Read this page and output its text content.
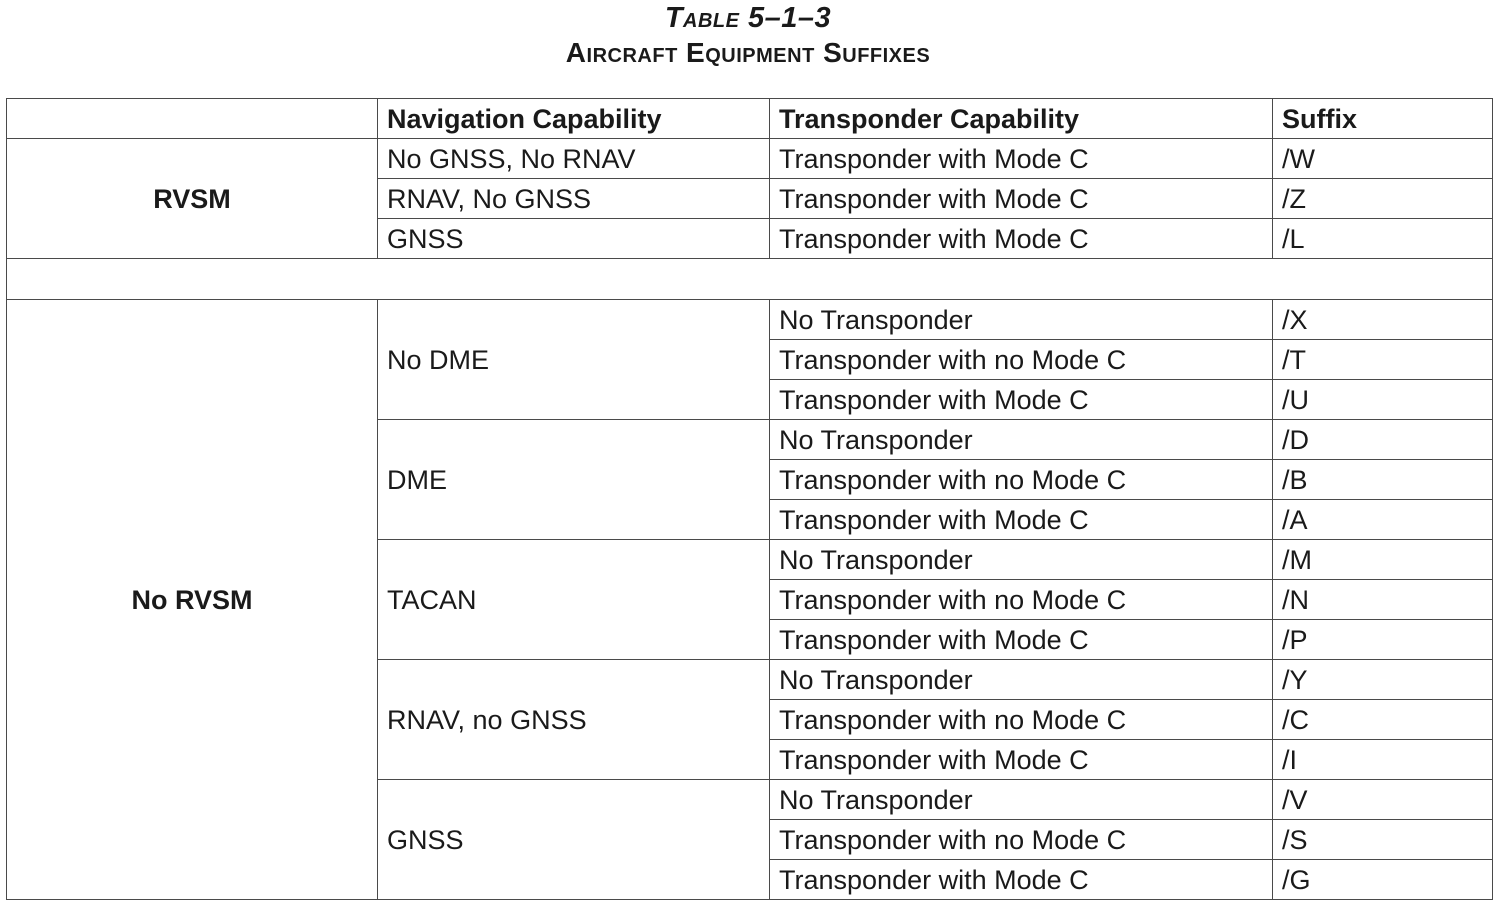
Table 5–1–3
Aircraft Equipment Suffixes
	Navigation Capability	Transponder Capability	Suffix
RVSM	No GNSS, No RNAV	Transponder with Mode C	/W
	RNAV, No GNSS	Transponder with Mode C	/Z
	GNSS	Transponder with Mode C	/L

No RVSM	No DME	No Transponder	/X
		Transponder with no Mode C	/T
		Transponder with Mode C	/U
	DME	No Transponder	/D
		Transponder with no Mode C	/B
		Transponder with Mode C	/A
	TACAN	No Transponder	/M
		Transponder with no Mode C	/N
		Transponder with Mode C	/P
	RNAV, no GNSS	No Transponder	/Y
		Transponder with no Mode C	/C
		Transponder with Mode C	/I
	GNSS	No Transponder	/V
		Transponder with no Mode C	/S
		Transponder with Mode C	/G
